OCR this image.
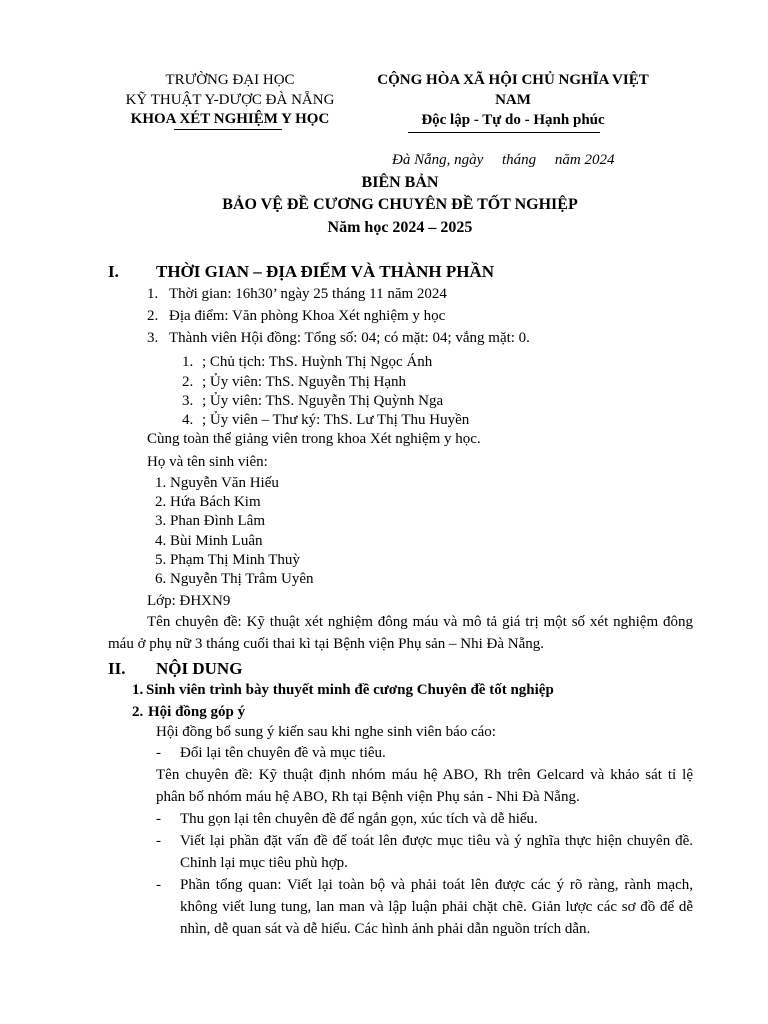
TRƯỜNG ĐẠI HỌC
KỸ THUẬT Y-DƯỢC ĐÀ NẴNG
KHOA XÉT NGHIỆM Y HỌC
CỘNG HÒA XÃ HỘI CHỦ NGHĨA VIỆT
NAM
Độc lập - Tự do - Hạnh phúc
Đà Nẵng, ngày     tháng     năm 2024
BIÊN BẢN
BẢO VỆ ĐỀ CƯƠNG CHUYÊN ĐỀ TỐT NGHIỆP
Năm học 2024 – 2025
I. THỜI GIAN – ĐỊA ĐIỂM VÀ THÀNH PHẦN
1. Thời gian: 16h30’ ngày 25 tháng 11 năm 2024
2. Địa điểm: Văn phòng Khoa Xét nghiệm y học
3. Thành viên Hội đồng: Tổng số: 04; có mặt: 04; vắng mặt: 0.
1. ; Chủ tịch: ThS. Huỳnh Thị Ngọc Ánh
2. ; Ủy viên: ThS. Nguyễn Thị Hạnh
3. ; Ủy viên: ThS. Nguyễn Thị Quỳnh Nga
4. ; Ủy viên – Thư ký: ThS. Lư Thị Thu Huyền
Cùng toàn thể giảng viên trong khoa Xét nghiệm y học.
Họ và tên sinh viên:
1. Nguyễn Văn Hiếu
2. Hứa Bách Kim
3. Phan Đình Lâm
4. Bùi Minh Luân
5. Phạm Thị Minh Thuỳ
6. Nguyễn Thị Trâm Uyên
Lớp: ĐHXN9
Tên chuyên đề: Kỹ thuật xét nghiệm đông máu và mô tả giá trị một số xét nghiệm đông
máu ở phụ nữ 3 tháng cuối thai kì tại Bệnh viện Phụ sản – Nhi Đà Nẵng.
II. NỘI DUNG
1. Sinh viên trình bày thuyết minh đề cương Chuyên đề tốt nghiệp
2. Hội đồng góp ý
Hội đồng bổ sung ý kiến sau khi nghe sinh viên báo cáo:
- Đổi lại tên chuyên đề và mục tiêu.
Tên chuyên đề: Kỹ thuật định nhóm máu hệ ABO, Rh trên Gelcard và khảo sát tỉ lệ
phân bố nhóm máu hệ ABO, Rh tại Bệnh viện Phụ sản - Nhi Đà Nẵng.
- Thu gọn lại tên chuyên đề để ngắn gọn, xúc tích và dễ hiểu.
- Viết lại phần đặt vấn đề để toát lên được mục tiêu và ý nghĩa thực hiện chuyên đề.
Chỉnh lại mục tiêu phù hợp.
- Phần tổng quan: Viết lại toàn bộ và phải toát lên được các ý rõ ràng, rành mạch,
không viết lung tung, lan man và lập luận phải chặt chẽ. Giản lược các sơ đồ để dễ
nhìn, dễ quan sát và dễ hiểu. Các hình ảnh phải dẫn nguồn trích dẫn.
